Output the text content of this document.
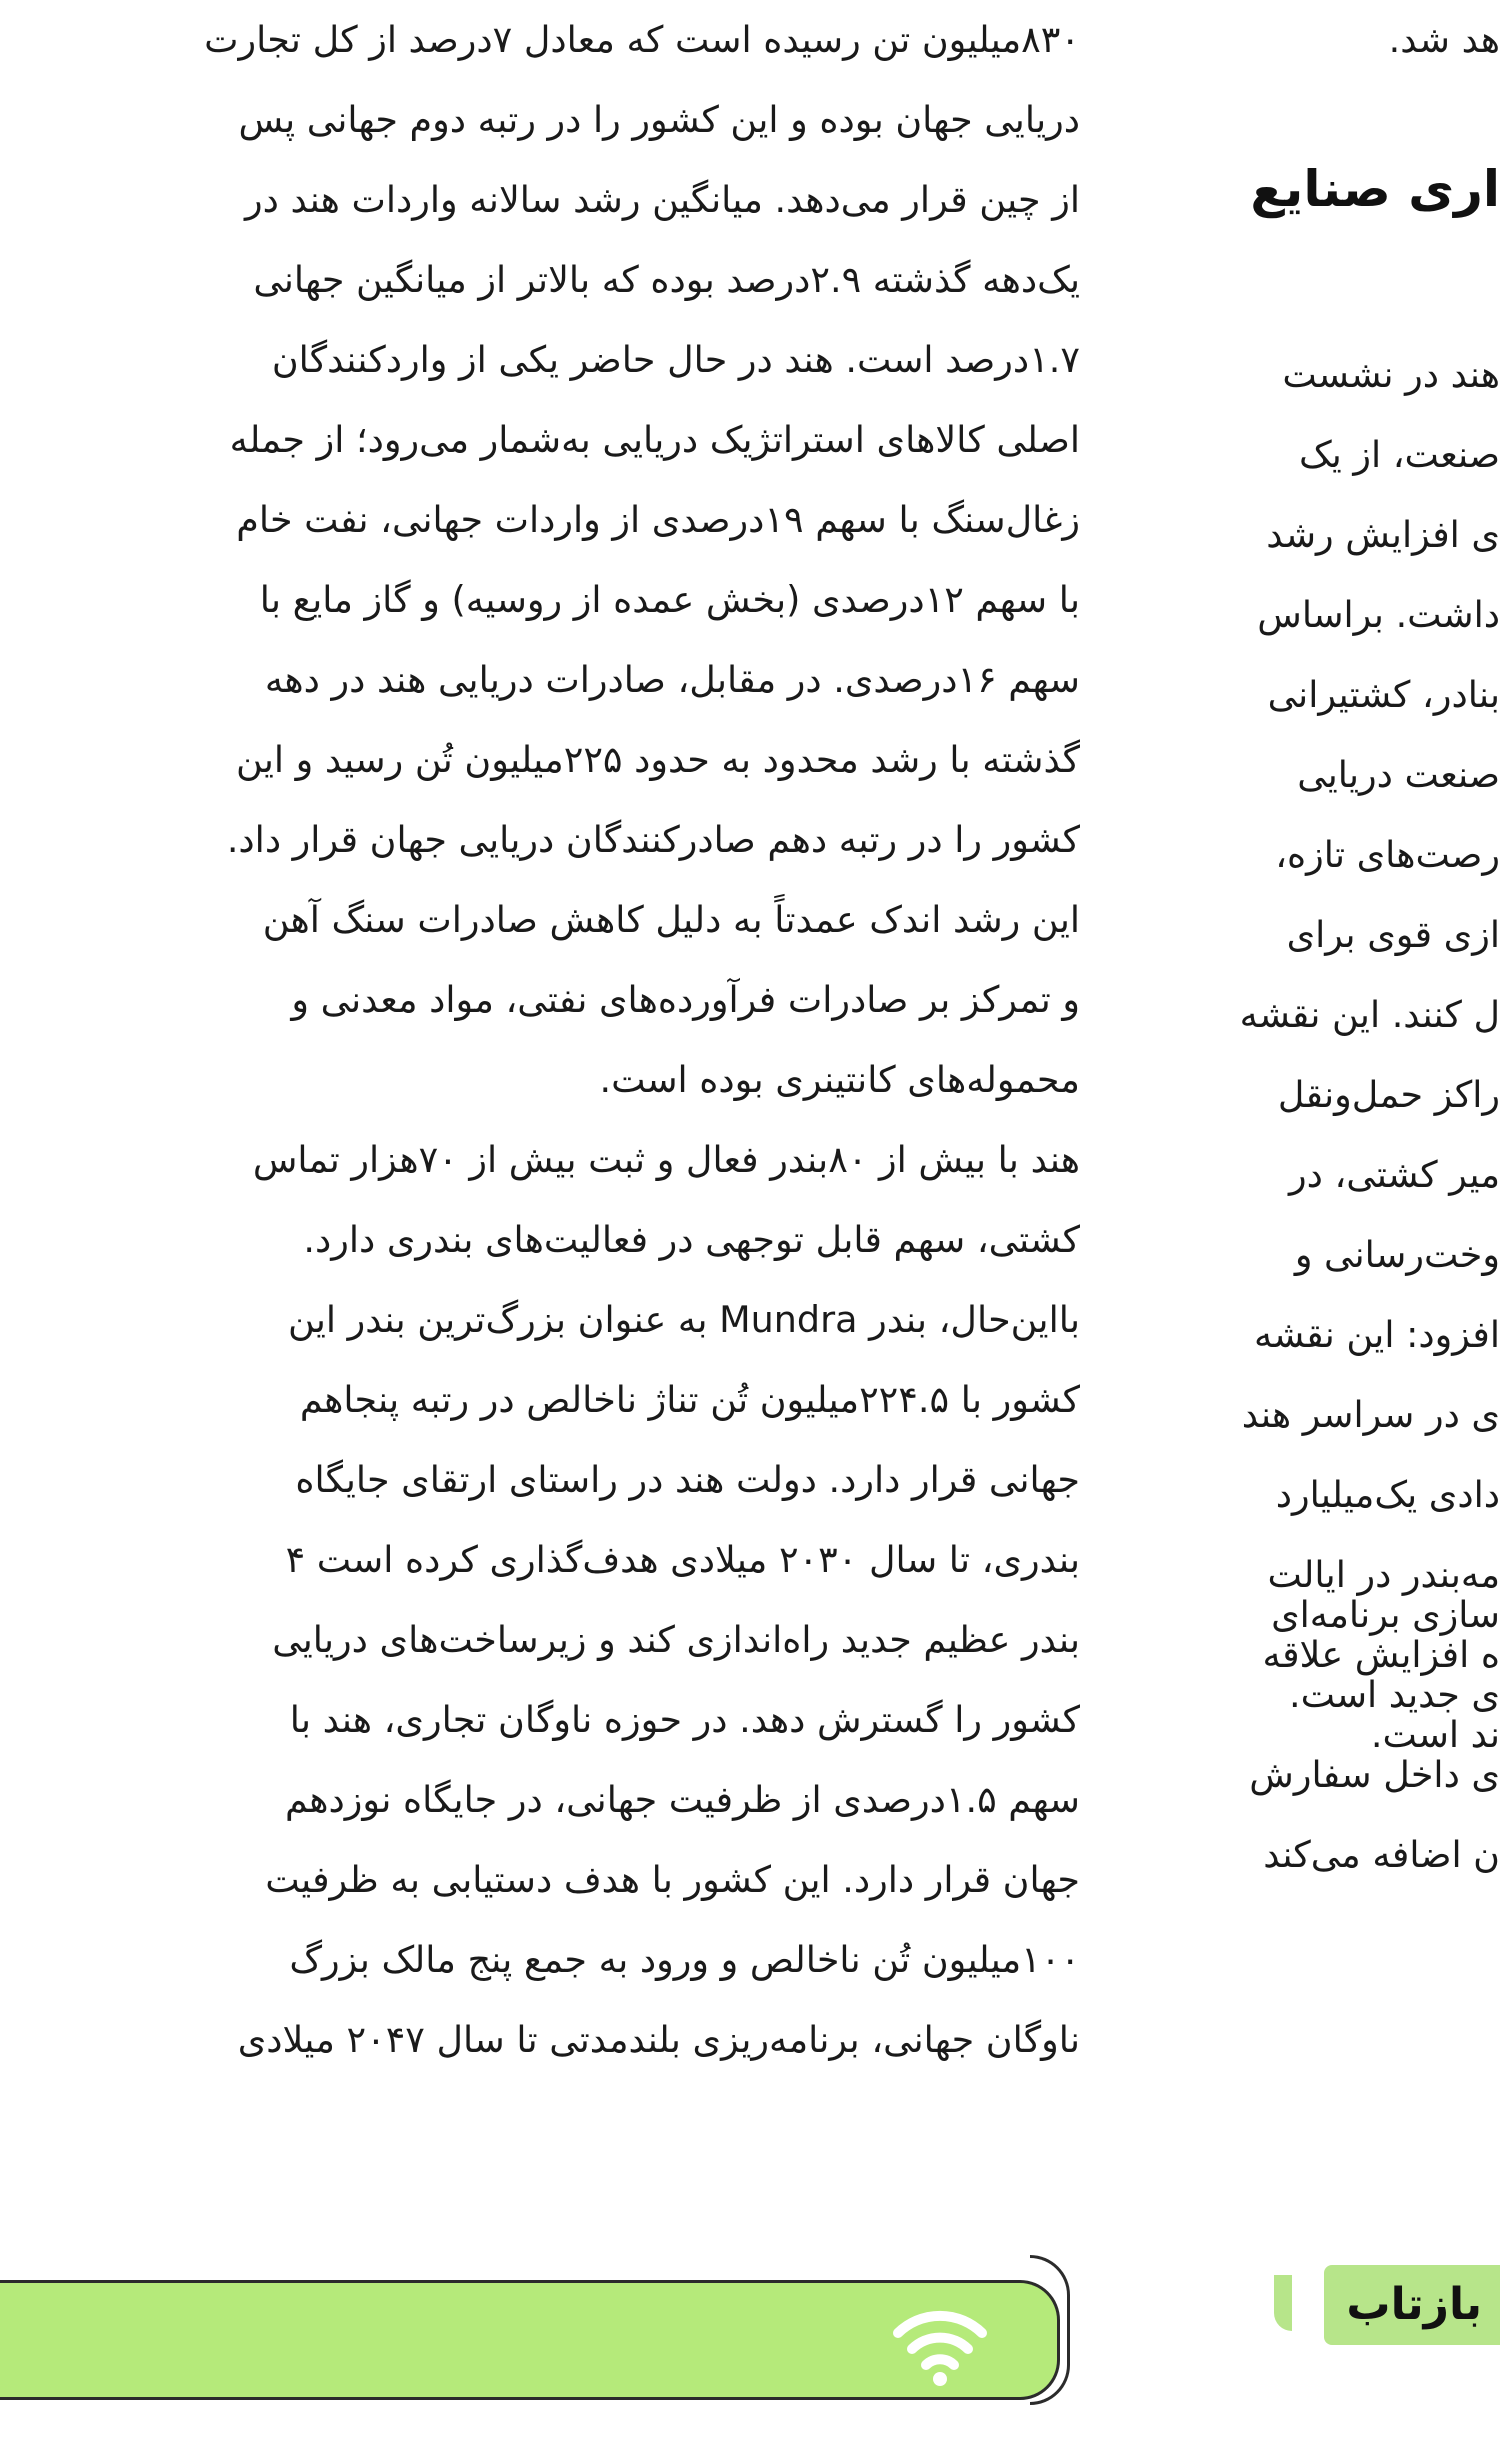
۸۳۰میلیون تن رسیده است که معادل ۷درصد از کل تجارت

دریایی جهان بوده و این کشور را در رتبه دوم جهانی پس

از چین قرار می‌دهد. میانگین رشد سالانه واردات هند در

یک‌دهه گذشته ۲.۹درصد بوده که بالاتر از میانگین جهانی

۱.۷درصد است. هند در حال حاضر یکی از واردکنندگان

اصلی کالاهای استراتژیک دریایی به‌شمار می‌رود؛ از جمله

زغال‌سنگ با سهم ۱۹درصدی از واردات جهانی، نفت خام

با سهم ۱۲درصدی (بخش عمده از روسیه) و گاز مایع با

سهم ۱۶درصدی. در مقابل، صادرات دریایی هند در دهه

گذشته با رشد محدود به حدود ۲۲۵میلیون تُن رسید و این

کشور را در رتبه دهم صادرکنندگان دریایی جهان قرار داد.

این رشد اندک عمدتاً به دلیل کاهش صادرات سنگ آهن

و تمرکز بر صادرات فرآورده‌های نفتی، مواد معدنی و

محموله‌های کانتینری بوده است.

هند با بیش از ۸۰بندر فعال و ثبت بیش از ۷۰هزار تماس

کشتی، سهم قابل توجهی در فعالیت‌های بندری دارد.

بااین‌حال، بندر Mundra به عنوان بزرگ‌ترین بندر این

کشور با ۲۲۴.۵میلیون تُن تناژ ناخالص در رتبه پنجاهم

جهانی قرار دارد. دولت هند در راستای ارتقای جایگاه

بندری، تا سال ۲۰۳۰ میلادی هدف‌گذاری کرده است ۴

بندر عظیم جدید راه‌اندازی کند و زیرساخت‌های دریایی

کشور را گسترش دهد. در حوزه ناوگان تجاری، هند با

سهم ۱.۵درصدی از ظرفیت جهانی، در جایگاه نوزدهم

جهان قرار دارد. این کشور با هدف دستیابی به ظرفیت

۱۰۰میلیون تُن ناخالص و ورود به جمع پنج مالک بزرگ

ناوگان جهانی، برنامه‌ریزی بلندمدتی تا سال ۲۰۴۷ میلادی

هد شد.

اری صنایع

هند در نشست

صنعت، از یک

ی افزایش رشد

داشت. براساس

بنادر، کشتیرانی

صنعت دریایی

رصت‌های تازه،

ازی قوی برای

ل کنند. این نقشه

راکز حمل‌ونقل

میر کشتی، در

وخت‌رسانی و

افزود: این نقشه

ی در سراسر هند

دادی یک‌میلیارد

مه‌بندر در ایالت

ه افزایش علاقه

ند است.

سازی برنامه‌ای

ی جدید است.

ی داخل سفارش

ن اضافه می‌کند

بازتاب
